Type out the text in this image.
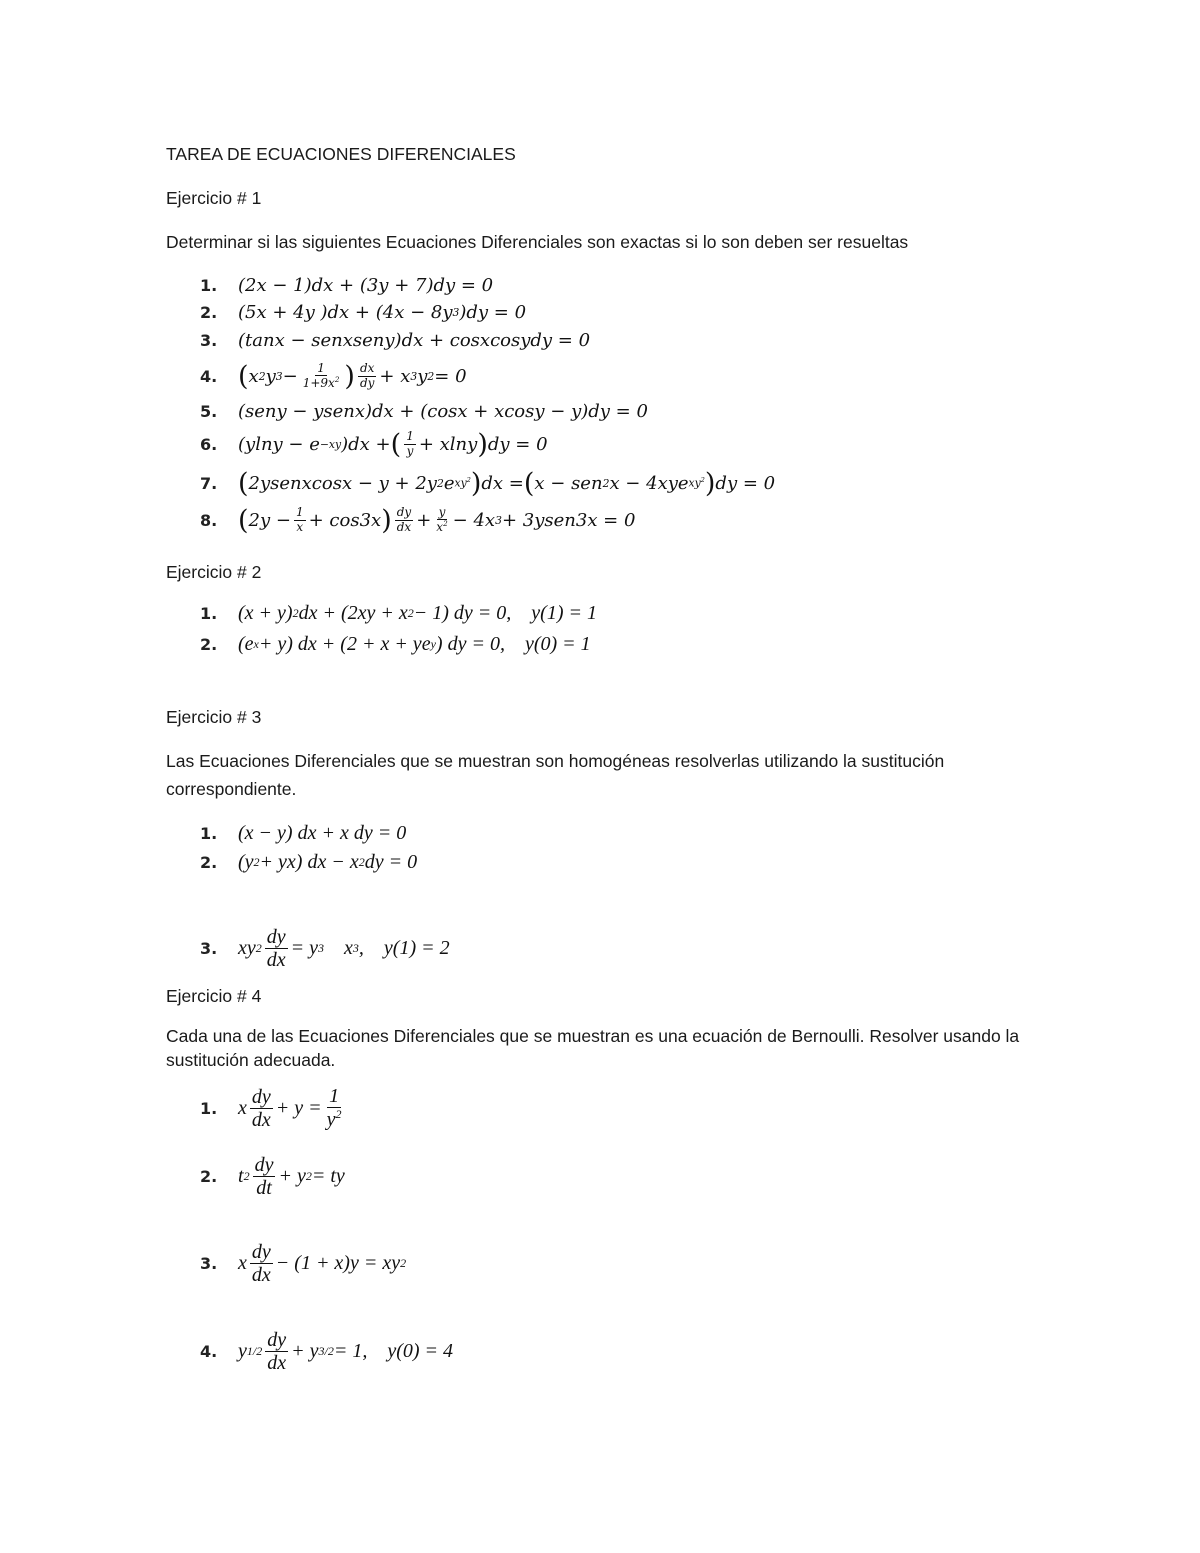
TAREA DE ECUACIONES DIFERENCIALES
Ejercicio # 1
Determinar si las siguientes Ecuaciones Diferenciales son exactas si lo son deben ser resueltas
1.	(2x − 1)dx + (3y + 7)dy = 0
2.	(5x + 4y )dx + (4x − 8y 3 )dy = 0
3.	(tanx − senxseny)dx + cosxcosydy = 0
4. ( x 2 y $3 - \frac{1}{1+9x^2}$ ) $\frac{dx}{dy} + x$ 3 y 2 = 0
5.	(seny − ysenx)dx + (cosx + xcosy − y)dy = 0
6.	(ylny − e −xy )dx + ( $\frac{1}{y} + xlny$ ) dy = 0
7. ( 2ysenxcosx − y + 2y 2 e $xy^2$ ) dx = ( x − sen 2 x − 4xye $xy^2$ ) dy = 0
8. ( $2y - \frac{1}{x} + \cos 3x$ ) $\frac{dy}{dx} + \frac{y}{x^2} - 4x$ 3 + 3ysen3x = 0
Ejercicio # 2
1.	(x + y) 2 dx + (2xy + x 2 − 1) dy = 0,    y(1) = 1
2.	(e x + y) dx + (2 + x + ye y ) dy = 0,    y(0) = 1
Ejercicio # 3
Las Ecuaciones Diferenciales que se muestran son homogéneas resolverlas utilizando la sustitución correspondiente.
1.	(x − y) dx + x dy = 0
2.	(y 2 + yx) dx − x 2 dy = 0
3.	xy $2 \frac{dy}{dx} = y$ 3 x 3 ,    y(1) = 2
Ejercicio # 4
Cada una de las Ecuaciones Diferenciales que se muestran es una ecuación de Bernoulli. Resolver usando la sustitución adecuada.
1.	x $\frac{dy}{dx} + y = \frac{1}{y^2}$
2.	t $2 \frac{dy}{dt} + y$ 2 = ty
3.	x $\frac{dy}{dx} - (1 + x)y$ = xy 2
4.	y $1/2 \frac{dy}{dx} + y$ 3/2 = 1,    y(0) = 4
